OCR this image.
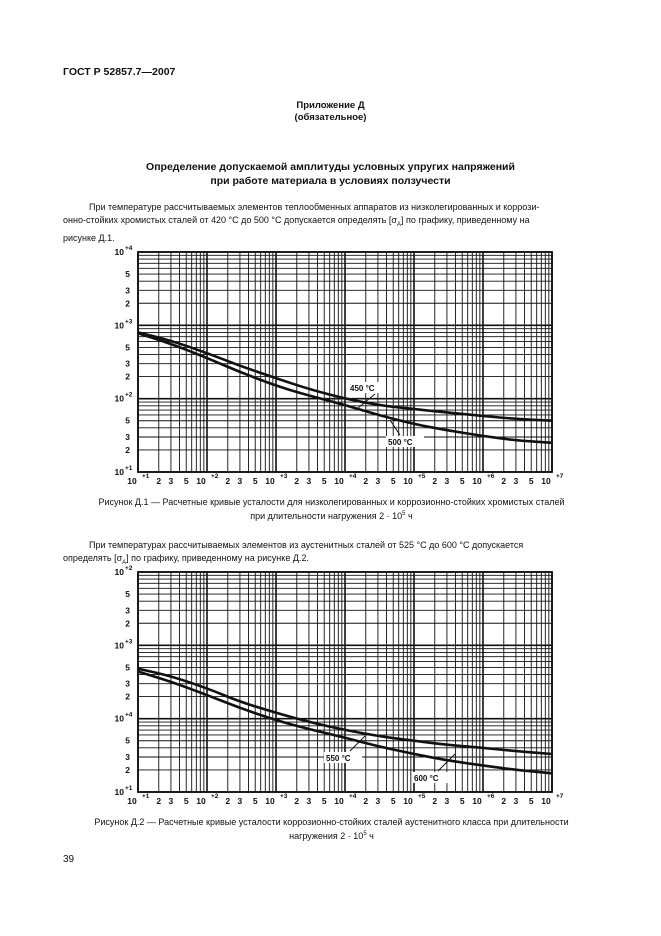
ГОСТ Р 52857.7—2007
Приложение Д
(обязательное)
Определение допускаемой амплитуды условных упругих напряжений
при работе материала в условиях ползучести
При температуре рассчитываемых элементов теплообменных аппаратов из низколегированных и коррози-
онно-стойких хромистых сталей от 420 °С до 500 °С допускается определять $[\sigma_A]$ по графику, приведенному на
рисунке Д.1.
10 +1 2 3 5 10 +2 2 3 5 10 +3 2 3 5 10 +4 2 3 5 10 +5 2 3 5 10 +6 2 3 5 10 +7
10 +1
2
3
5
10 +2
2
3
5
10 +3
2
3
5
10 +4
450 °C
500 °C
Рисунок Д.1 — Расчетные кривые усталости для низколегированных и коррозионно-стойких хромистых сталей
при длительности нагружения $2 \cdot 10^5$ ч
При температурах рассчитываемых элементов из аустенитных сталей от 525 °С до 600 °С допускается
определять $[\sigma_A]$ по графику, приведенному на рисунке Д.2.
10 +1 2 3 5 10 +2 2 3 5 10 +3 2 3 5 10 +4 2 3 5 10 +5 2 3 5 10 +6 2 3 5 10 +7
10 +1
2
3
5
10 +4
2
3
5
10 +3
2
3
5
10 +2
550 °C
600 °C
Рисунок Д.2 — Расчетные кривые усталости коррозионно-стойких сталей аустенитного класса при длительности
нагружения $2 \cdot 10^5$ ч
39
